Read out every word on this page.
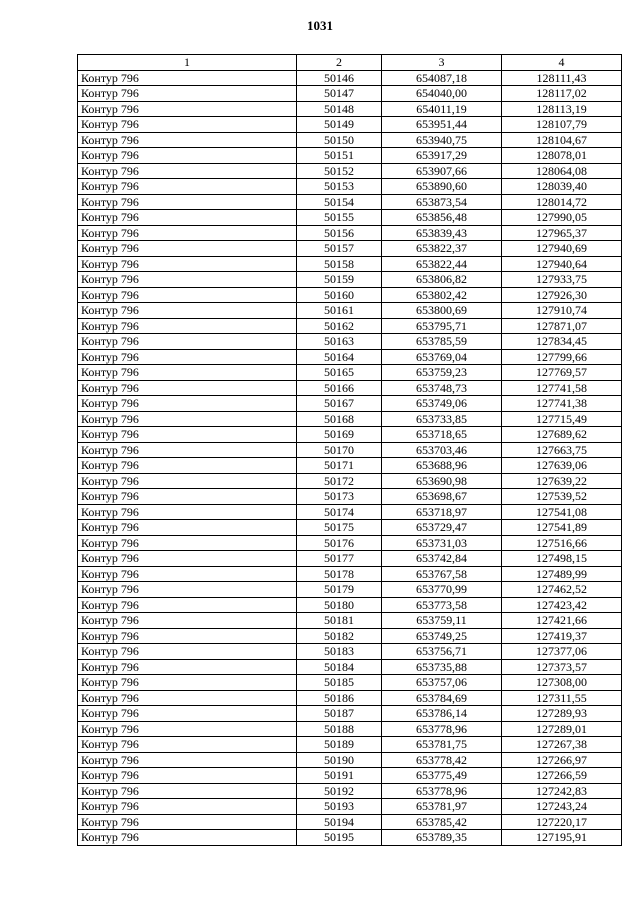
1031
1	2	3	4
Контур 796	50146	654087,18	128111,43
Контур 796	50147	654040,00	128117,02
Контур 796	50148	654011,19	128113,19
Контур 796	50149	653951,44	128107,79
Контур 796	50150	653940,75	128104,67
Контур 796	50151	653917,29	128078,01
Контур 796	50152	653907,66	128064,08
Контур 796	50153	653890,60	128039,40
Контур 796	50154	653873,54	128014,72
Контур 796	50155	653856,48	127990,05
Контур 796	50156	653839,43	127965,37
Контур 796	50157	653822,37	127940,69
Контур 796	50158	653822,44	127940,64
Контур 796	50159	653806,82	127933,75
Контур 796	50160	653802,42	127926,30
Контур 796	50161	653800,69	127910,74
Контур 796	50162	653795,71	127871,07
Контур 796	50163	653785,59	127834,45
Контур 796	50164	653769,04	127799,66
Контур 796	50165	653759,23	127769,57
Контур 796	50166	653748,73	127741,58
Контур 796	50167	653749,06	127741,38
Контур 796	50168	653733,85	127715,49
Контур 796	50169	653718,65	127689,62
Контур 796	50170	653703,46	127663,75
Контур 796	50171	653688,96	127639,06
Контур 796	50172	653690,98	127639,22
Контур 796	50173	653698,67	127539,52
Контур 796	50174	653718,97	127541,08
Контур 796	50175	653729,47	127541,89
Контур 796	50176	653731,03	127516,66
Контур 796	50177	653742,84	127498,15
Контур 796	50178	653767,58	127489,99
Контур 796	50179	653770,99	127462,52
Контур 796	50180	653773,58	127423,42
Контур 796	50181	653759,11	127421,66
Контур 796	50182	653749,25	127419,37
Контур 796	50183	653756,71	127377,06
Контур 796	50184	653735,88	127373,57
Контур 796	50185	653757,06	127308,00
Контур 796	50186	653784,69	127311,55
Контур 796	50187	653786,14	127289,93
Контур 796	50188	653778,96	127289,01
Контур 796	50189	653781,75	127267,38
Контур 796	50190	653778,42	127266,97
Контур 796	50191	653775,49	127266,59
Контур 796	50192	653778,96	127242,83
Контур 796	50193	653781,97	127243,24
Контур 796	50194	653785,42	127220,17
Контур 796	50195	653789,35	127195,91
